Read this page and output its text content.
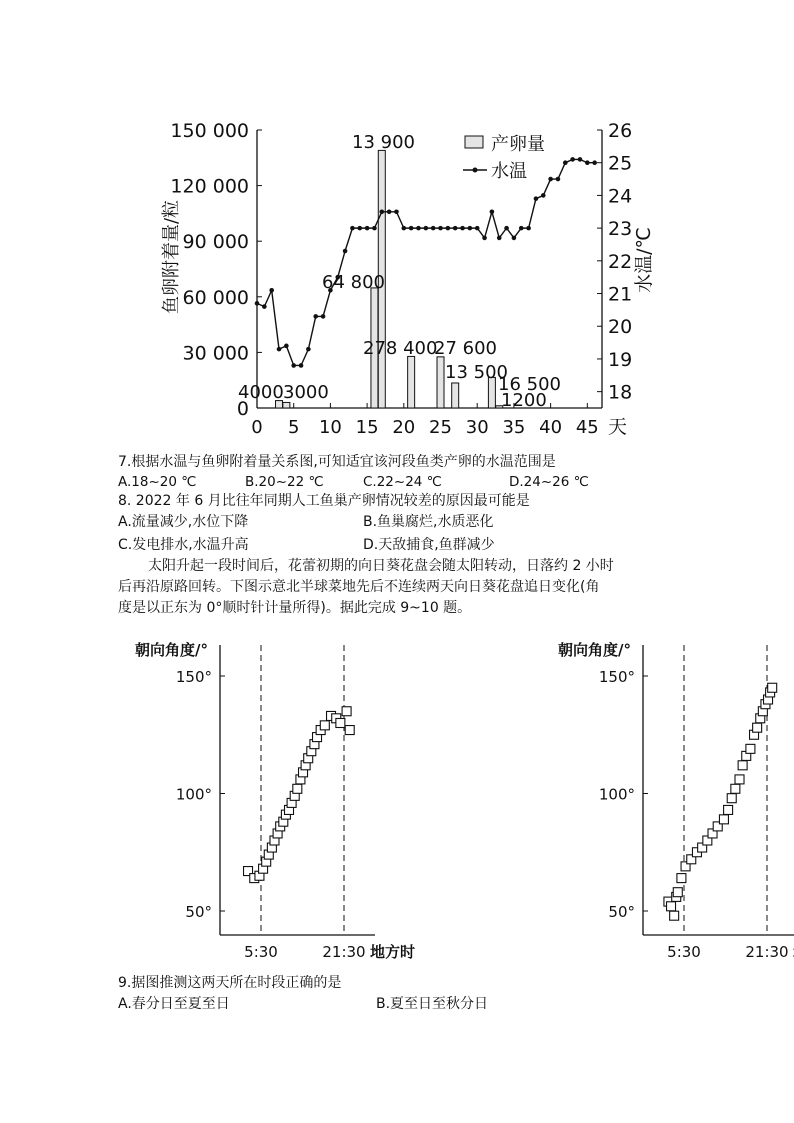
150 000
120 000
90 000
60 000
30 000
0
26
25
24
23
22
21
20
19
18
0 5 10 15 20 25 30 35 40 45 天
4000 3000
64 800
13 900
278 400
27 600
13 500
16 500
1200
产卵量
水温
鱼卵附着量/粒	水温/℃
7.根据水温与鱼卵附着量关系图,可知适宜该河段鱼类产卵的水温范围是
A.18~20 ℃	B.20~22 ℃	C.22~24 ℃	D.24~26 ℃
8. 2022 年 6 月比往年同期人工鱼巢产卵情况较差的原因最可能是
A.流量减少,水位下降	B.鱼巢腐烂,水质恶化
C.发电排水,水温升高	D.天敌捕食,鱼群减少
太阳升起一段时间后，花蕾初期的向日葵花盘会随太阳转动，日落约 2 小时
后再沿原路回转。下图示意北半球菜地先后不连续两天向日葵花盘追日变化(角
度是以正东为 0°顺时针计量所得)。据此完成 9~10 题。
150°
100°
50°
5:30	21:30 地方时
朝向角度/°
150°
100°
50°
5:30	21:30
朝向角度/°
9.据图推测这两天所在时段正确的是
A.春分日至夏至日	B.夏至日至秋分日
